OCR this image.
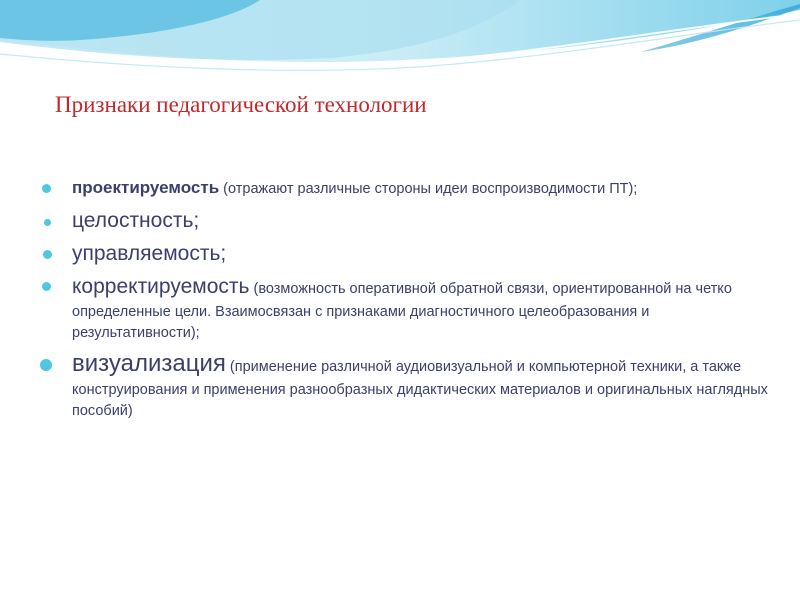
Признаки педагогической технологии
проектируемость (отражают различные стороны идеи воспроизводимости ПТ);
целостность;
управляемость;
корректируемость (возможность оперативной обратной связи, ориентированной на четко определенные цели. Взаимосвязан с признаками диагностичного целеобразования и результативности);
визуализация (применение различной аудиовизуальной и компьютерной техники, а также конструирования и применения разнообразных дидактических материалов и оригинальных наглядных пособий)
